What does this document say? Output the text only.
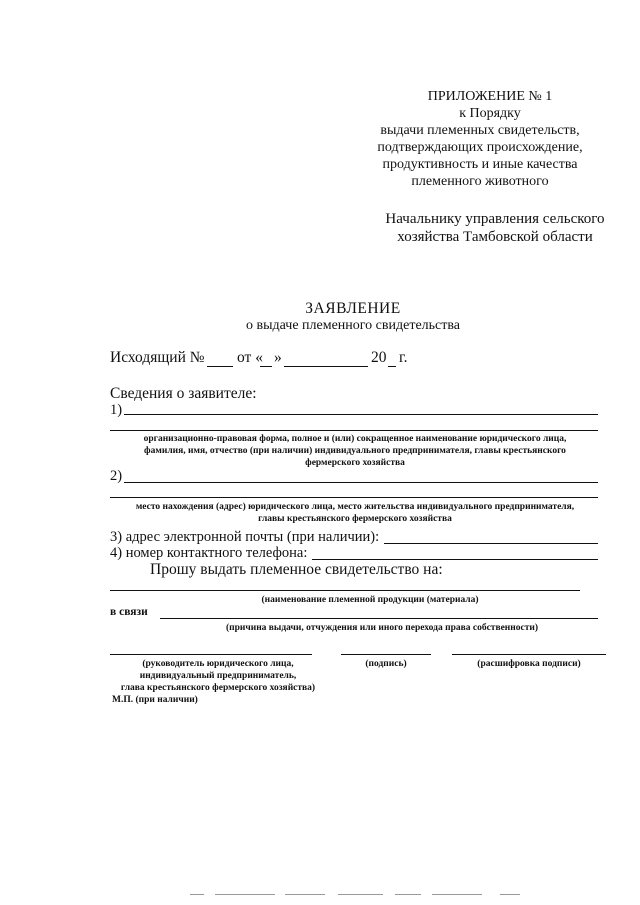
ПРИЛОЖЕНИЕ № 1
к Порядку
выдачи племенных свидетельств,
подтверждающих происхождение,
продуктивность и иные качества
племенного животного
Начальнику управления сельского
хозяйства Тамбовской области
ЗАЯВЛЕНИЕ
о выдаче племенного свидетельства
Исходящий № от « »	20 г.
Сведения о заявителе:
1)
организационно-правовая форма, полное и (или) сокращенное наименование юридического лица,
фамилия, имя, отчество (при наличии) индивидуального предпринимателя, главы крестьянского
фермерского хозяйства
2)
место нахождения (адрес) юридического лица, место жительства индивидуального предпринимателя,
главы крестьянского фермерского хозяйства
3) адрес электронной почты (при наличии):
4) номер контактного телефона:
Прошу выдать племенное свидетельство на:
(наименование племенной продукции (материала)
в связи
(причина выдачи, отчуждения или иного перехода права собственности)
(руководитель юридического лица,
индивидуальный предприниматель,
глава крестьянского фермерского хозяйства)
М.П. (при наличии)
(подпись)	(расшифровка подписи)
